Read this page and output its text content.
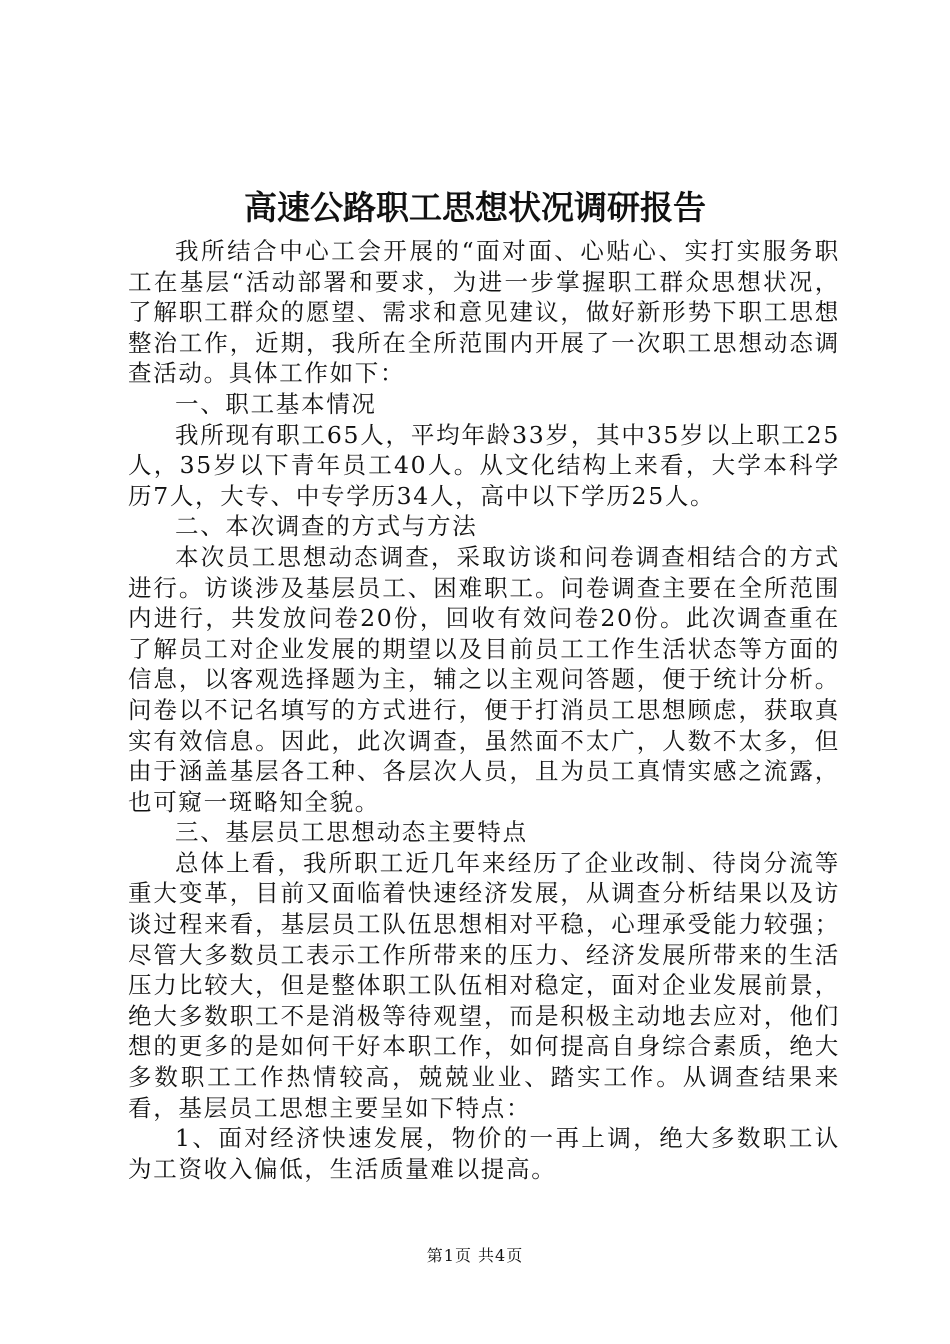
高速公路职工思想状况调研报告

我所结合中心工会开展的“面对面、心贴心、实打实服务职工在基层“活动部署和要求，为进一步掌握职工群众思想状况，了解职工群众的愿望、需求和意见建议，做好新形势下职工思想整治工作，近期，我所在全所范围内开展了一次职工思想动态调查活动。具体工作如下：

一、职工基本情况

我所现有职工65人，平均年龄33岁，其中35岁以上职工25人，35岁以下青年员工40人。从文化结构上来看，大学本科学历7人，大专、中专学历34人，高中以下学历25人。

二、本次调查的方式与方法

本次员工思想动态调查，采取访谈和问卷调查相结合的方式进行。访谈涉及基层员工、困难职工。问卷调查主要在全所范围内进行，共发放问卷20份，回收有效问卷20份。此次调查重在了解员工对企业发展的期望以及目前员工工作生活状态等方面的信息，以客观选择题为主，辅之以主观问答题，便于统计分析。问卷以不记名填写的方式进行，便于打消员工思想顾虑，获取真实有效信息。因此，此次调查，虽然面不太广，人数不太多，但由于涵盖基层各工种、各层次人员，且为员工真情实感之流露，也可窥一斑略知全貌。

三、基层员工思想动态主要特点

总体上看，我所职工近几年来经历了企业改制、待岗分流等重大变革，目前又面临着快速经济发展，从调查分析结果以及访谈过程来看，基层员工队伍思想相对平稳，心理承受能力较强；尽管大多数员工表示工作所带来的压力、经济发展所带来的生活压力比较大，但是整体职工队伍相对稳定，面对企业发展前景，绝大多数职工不是消极等待观望，而是积极主动地去应对，他们想的更多的是如何干好本职工作，如何提高自身综合素质，绝大多数职工工作热情较高，兢兢业业、踏实工作。从调查结果来看，基层员工思想主要呈如下特点：

1、面对经济快速发展，物价的一再上调，绝大多数职工认为工资收入偏低，生活质量难以提高。

第1页 共4页
